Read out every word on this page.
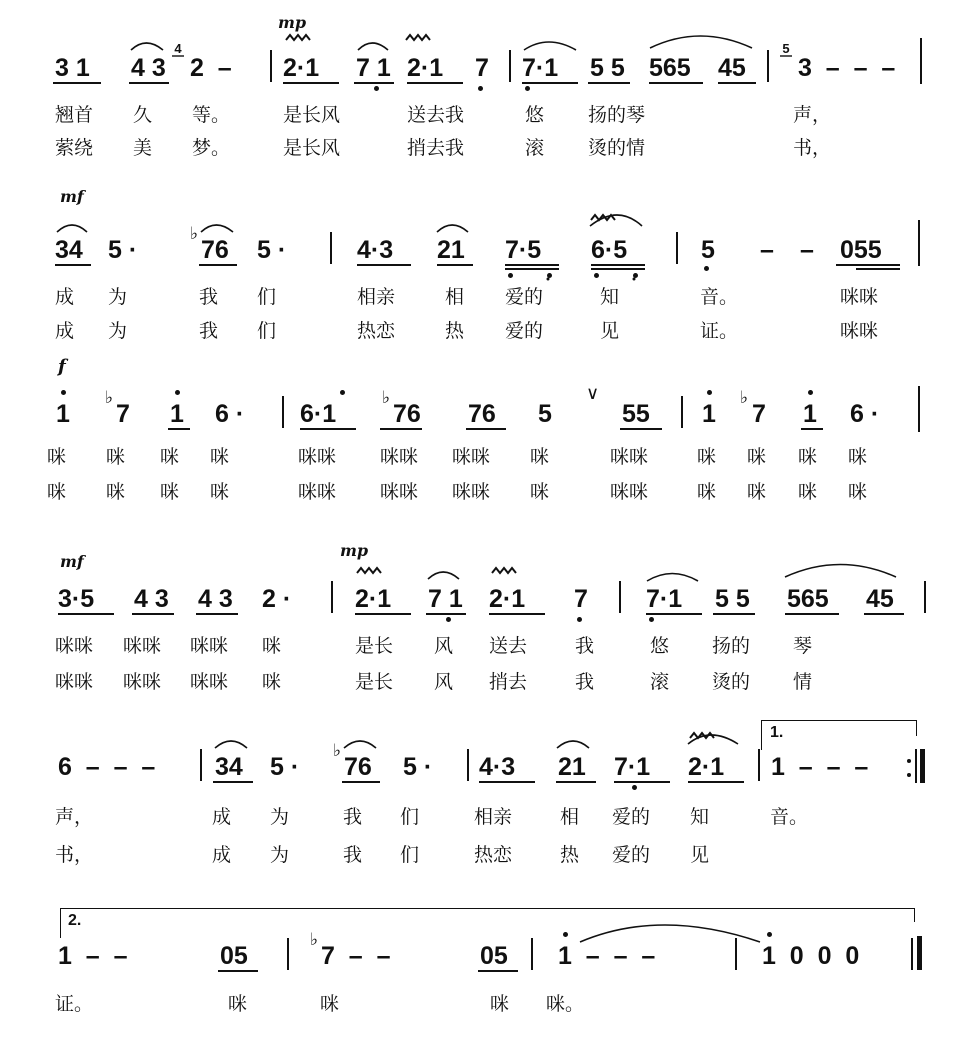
mp
3 1 4 3
4
2  – 2·1 7 1 2·1 7 7·1 5 5 565 45
5
3  –  –  –
翘首 久 等。	是长风	送去我	悠 扬的琴	声，
萦绕 美 梦。	是长风	捎去我	滚 烫的情	书，
mf
34 5 ·
♭
76 5 ·	4·3 21 7·5 6·5	5 – – 055
成 为	我 们	相亲	相 爱的	知	音。	咪咪
成 为	我 们	热恋	热 爱的	见	证。	咪咪
f
1
♭
7 1 6 · 6·1
♭
76 76 5
∨
55 1
♭
7 1 6 ·
咪 咪 咪 咪	咪咪 咪咪 咪咪 咪	咪咪	咪 咪 咪 咪
咪 咪 咪 咪	咪咪 咪咪 咪咪 咪	咪咪	咪 咪 咪 咪
mf
mp
3·5 4 3 4 3 2 ·	2·1 7 1 2·1 7 7·1 5 5 565 45
咪咪 咪咪 咪咪 咪	是长 风 送去	我	悠 扬的 琴
咪咪 咪咪 咪咪 咪	是长 风 捎去	我	滚 烫的 情
6  –  –  – 34 5 ·
♭
76 5 · 4·3 21 7·1 2·1 1  –  –  –
1.
声，	成 为	我 们	相亲	相 爱的 知	音。
书，	成 为	我 们	热恋	热 爱的 见
2.
1  –  –	05
♭
7  –  –	05 1  –  –  –	1  0  0  0
证。	咪	咪	咪 咪。
